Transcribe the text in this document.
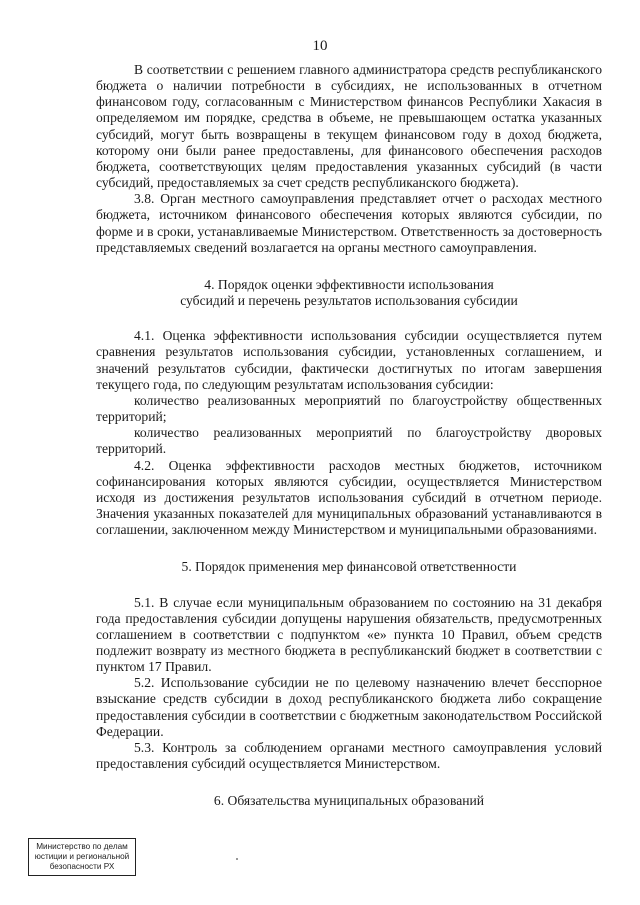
10

В соответствии с решением главного администратора средств республиканского бюджета о наличии потребности в субсидиях, не использованных в отчетном финансовом году, согласованным с Министерством финансов Республики Хакасия в определяемом им порядке, средства в объеме, не превышающем остатка указанных субсидий, могут быть возвращены в текущем финансовом году в доход бюджета, которому они были ранее предоставлены, для финансового обеспечения расходов бюджета, соответствующих целям предоставления указанных субсидий (в части субсидий, предоставляемых за счет средств республиканского бюджета).

3.8. Орган местного самоуправления представляет отчет о расходах местного бюджета, источником финансового обеспечения которых являются субсидии, по форме и в сроки, устанавливаемые Министерством. Ответственность за достоверность представляемых сведений возлагается на органы местного самоуправления.

4. Порядок оценки эффективности использования
субсидий и перечень результатов использования субсидии

4.1. Оценка эффективности использования субсидии осуществляется путем сравнения результатов использования субсидии, установленных соглашением, и значений результатов субсидии, фактически достигнутых по итогам завершения текущего года, по следующим результатам использования субсидии:

количество реализованных мероприятий по благоустройству общественных территорий;

количество реализованных мероприятий по благоустройству дворовых территорий.

4.2. Оценка эффективности расходов местных бюджетов, источником софинансирования которых являются субсидии, осуществляется Министерством исходя из достижения результатов использования субсидий в отчетном периоде. Значения указанных показателей для муниципальных образований устанавливаются в соглашении, заключенном между Министерством и муниципальными образованиями.

5. Порядок применения мер финансовой ответственности

5.1. В случае если муниципальным образованием по состоянию на 31 декабря года предоставления субсидии допущены нарушения обязательств, предусмотренных соглашением в соответствии с подпунктом «е» пункта 10 Правил, объем средств подлежит возврату из местного бюджета в республиканский бюджет в соответствии с пунктом 17 Правил.

5.2. Использование субсидии не по целевому назначению влечет бесспорное взыскание средств субсидии в доход республиканского бюджета либо сокращение предоставления субсидии в соответствии с бюджетным законодательством Российской Федерации.

5.3. Контроль за соблюдением органами местного самоуправления условий предоставления субсидий осуществляется Министерством.

6. Обязательства муниципальных образований
Министерство по делам
юстиции и региональной
безопасности РХ
